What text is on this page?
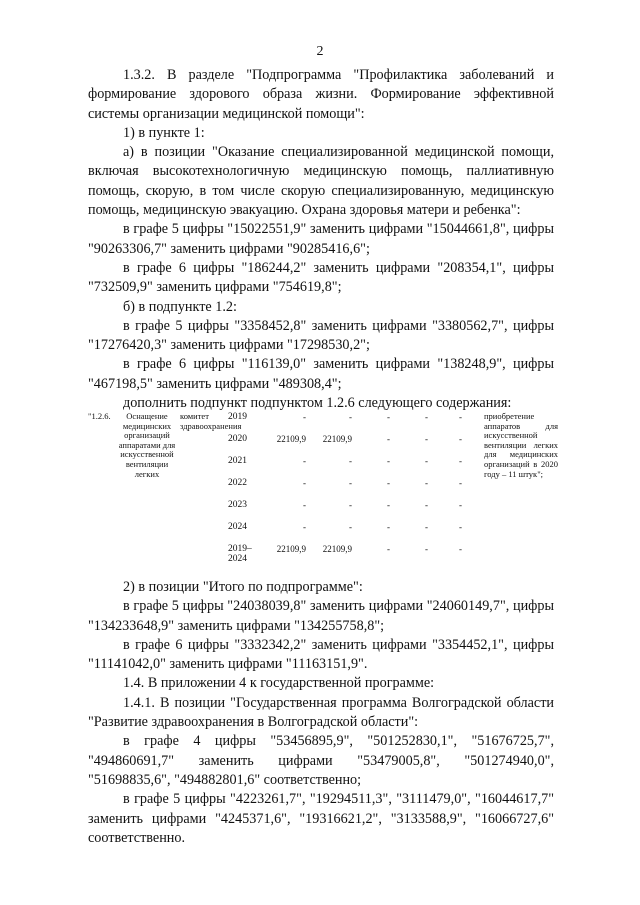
2

1.3.2. В разделе "Подпрограмма "Профилактика заболеваний и формирование здорового образа жизни. Формирование эффективной системы организации медицинской помощи":

1) в пункте 1:

а) в позиции "Оказание специализированной медицинской помощи, включая высокотехнологичную медицинскую помощь, паллиативную помощь, скорую, в том числе скорую специализированную, медицинскую помощь, медицинскую эвакуацию. Охрана здоровья матери и ребенка":

в графе 5 цифры "15022551,9" заменить цифрами "15044661,8", цифры "90263306,7" заменить цифрами "90285416,6";

в графе 6 цифры "186244,2" заменить цифрами "208354,1", цифры "732509,9" заменить цифрами "754619,8";

б) в подпункте 1.2:

в графе 5 цифры "3358452,8" заменить цифрами "3380562,7", цифры "17276420,3" заменить цифрами "17298530,2";

в графе 6 цифры "116139,0" заменить цифрами "138248,9", цифры "467198,5" заменить цифрами "489308,4";

дополнить подпункт подпунктом 1.2.6 следующего содержания:

"1.2.6.	Оснащение медицинских организаций аппаратами для искусственной вентиляции легких	комитет здравоохранения	2019	-	-	-	-	-	приобретение аппаратов для искусственной вентиляции легких для медицинских организаций в 2020 году – 11 штук";
			2020	22109,9	22109,9	-	-	-	
			2021	-	-	-	-	-	
			2022	-	-	-	-	-	
			2023	-	-	-	-	-	
			2024	-	-	-	-	-	
			2019–2024	22109,9	22109,9	-	-	-	

2) в позиции "Итого по подпрограмме":

в графе 5 цифры "24038039,8" заменить цифрами "24060149,7", цифры "134233648,9" заменить цифрами "134255758,8";

в графе 6 цифры "3332342,2" заменить цифрами "3354452,1", цифры "11141042,0" заменить цифрами "11163151,9".

1.4. В приложении 4 к государственной программе:

1.4.1. В позиции "Государственная программа Волгоградской области "Развитие здравоохранения в Волгоградской области":

в графе 4 цифры "53456895,9", "501252830,1", "51676725,7", "494860691,7" заменить цифрами "53479005,8", "501274940,0", "51698835,6", "494882801,6" соответственно;

в графе 5 цифры "4223261,7", "19294511,3", "3111479,0", "16044617,7" заменить цифрами "4245371,6", "19316621,2", "3133588,9", "16066727,6" соответственно.
